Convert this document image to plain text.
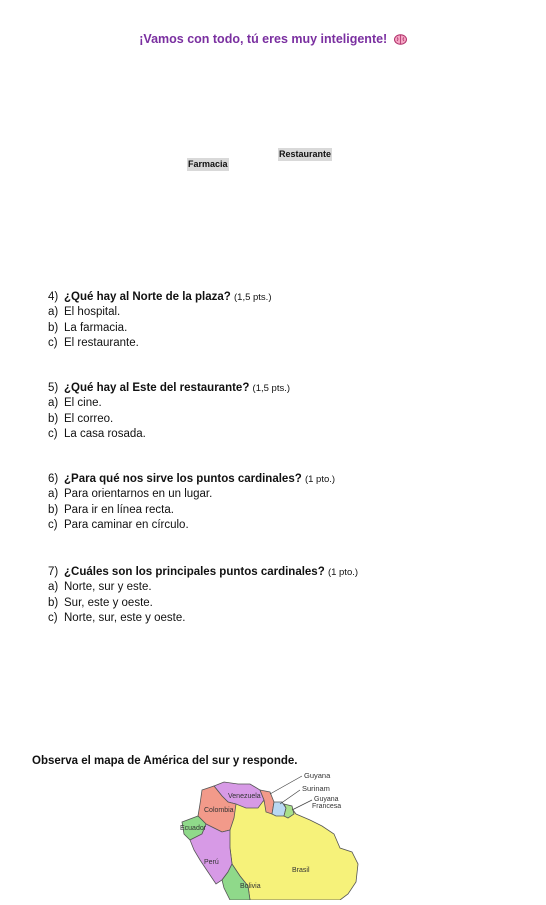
¡Vamos con todo, tú eres muy inteligente!
Restaurante
Farmacia
4) ¿Qué hay al Norte de la plaza? (1,5 pts.)
a) El hospital.
b) La farmacia.
c) El restaurante.
5) ¿Qué hay al Este del restaurante? (1,5 pts.)
a) El cine.
b) El correo.
c) La casa rosada.
6) ¿Para qué nos sirve los puntos cardinales? (1 pto.)
a) Para orientarnos en un lugar.
b) Para ir en línea recta.
c) Para caminar en círculo.
7) ¿Cuáles son los principales puntos cardinales? (1 pto.)
a) Norte, sur y este.
b) Sur, este y oeste.
c) Norte, sur, este y oeste.
Observa el mapa de América del sur y responde.
Guyana
Surinam
Guyana
Francesa
Venezuela
Colombia
Ecuador
Perú
Brasil
Bolivia
